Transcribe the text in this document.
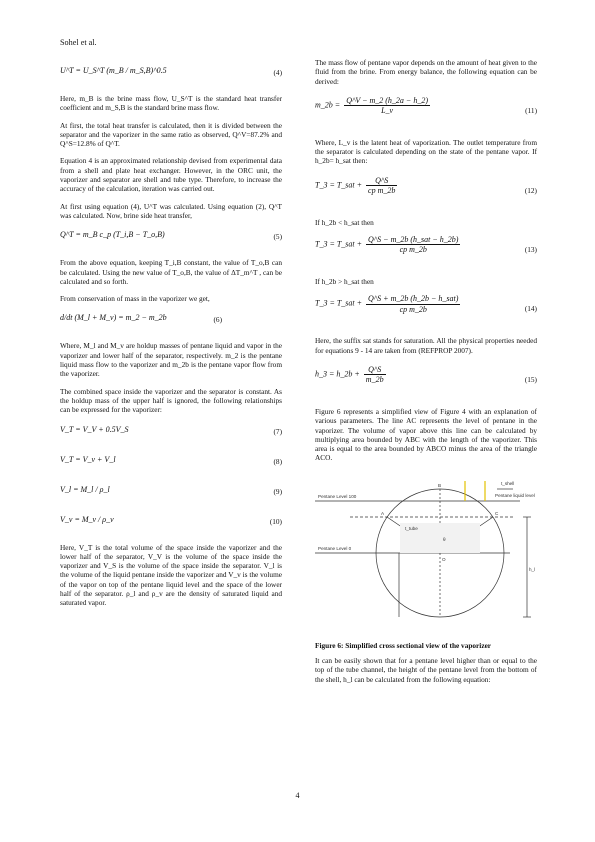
Sohel et al.
U^T = U_S^T (m_B / m_S,B)^0.5	(4)

Here, m_B is the brine mass flow, U_S^T is the standard heat transfer coefficient and m_S,B is the standard brine mass flow.

At first, the total heat transfer is calculated, then it is divided between the separator and the vaporizer in the same ratio as observed, Q^V=87.2% and Q^S=12.8% of Q^T.

Equation 4 is an approximated relationship devised from experimental data from a shell and plate heat exchanger. However, in the ORC unit, the vaporizer and separator are shell and tube type. Therefore, to increase the accuracy of the calculation, iteration was carried out.

At first using equation (4), U^T was calculated. Using equation (2), Q^T was calculated. Now, brine side heat transfer,

Q^T = m_B c_p (T_i,B − T_o,B)	(5)

From the above equation, keeping T_i,B constant, the value of T_o,B can be calculated. Using the new value of T_o,B, the value of ΔT_m^T , can be calculated and so forth.

From conservation of mass in the vaporizer we get,

d/dt (M_l + M_v) = m_2 − m_2b	(6)

Where, M_l and M_v are holdup masses of pentane liquid and vapor in the vaporizer and lower half of the separator, respectively. m_2 is the pentane liquid mass flow to the vaporizer and m_2b is the pentane vapor flow from the vaporizer.

The combined space inside the vaporizer and the separator is constant. As the holdup mass of the upper half is ignored, the following relationships can be expressed for the vaporizer:

V_T = V_V + 0.5V_S	(7)
V_T = V_v + V_l	(8)
V_l = M_l / ρ_l	(9)
V_v = M_v / ρ_v	(10)

Here, V_T is the total volume of the space inside the vaporizer and the lower half of the separator, V_V is the volume of the space inside the vaporizer and V_S is the volume of the space inside the separator. V_l is the volume of the liquid pentane inside the vaporizer and V_v is the volume of the vapor on top of the pentane liquid level and the space of the lower half of the separator. ρ_l and ρ_v are the density of saturated liquid and saturated vapor.

The mass flow of pentane vapor depends on the amount of heat given to the fluid from the brine. From energy balance, the following equation can be derived:

m_2b = $\frac{Q\^{}V - m\_2 (h\_2a - h\_2)}{L\_v}$	(11)

Where, L_v is the latent heat of vaporization. The outlet temperature from the separator is calculated depending on the state of the pentane vapor. If h_2b= h_sat then:

T_3 = T_sat + $\frac{Q\^{}S}{\text{cp m\_2b}}$	(12)
If h_2b < h_sat then
T_3 = T_sat + $\frac{\text{Q\textasciicircum{}S − m\_2b (h\_sat − h\_2b)}}{\text{cp m\_2b}}$	(13)
If h_2b > h_sat then
T_3 = T_sat + $\frac{\text{Q\textasciicircum{}S + m\_2b (h\_2b − h\_sat)}}{\text{cp m\_2b}}$	(14)

Here, the suffix sat stands for saturation. All the physical properties needed for equations 9 - 14 are taken from (REFPROP 2007).

h_3 = h_2b + $\frac{Q\^{}S}{m\_2b}$	(15)

Figure 6 represents a simplified view of Figure 4 with an explanation of various parameters. The line AC represents the level of pentane in the vaporizer. The volume of vapor above this line can be calculated by multiplying area bounded by ABC with the length of the vaporizer. This area is equal to the area bounded by ABCO minus the area of the triangle ACO.

Pentane Level 100
Pentane Level 0
Pentane liquid level
t_shell
t_tube
h_l
A
B
C
O
θ
Figure 6: Simplified cross sectional view of the vaporizer

It can be easily shown that for a pentane level higher than or equal to the top of the tube channel, the height of the pentane level from the bottom of the shell, h_l can be calculated from the following equation:

4
